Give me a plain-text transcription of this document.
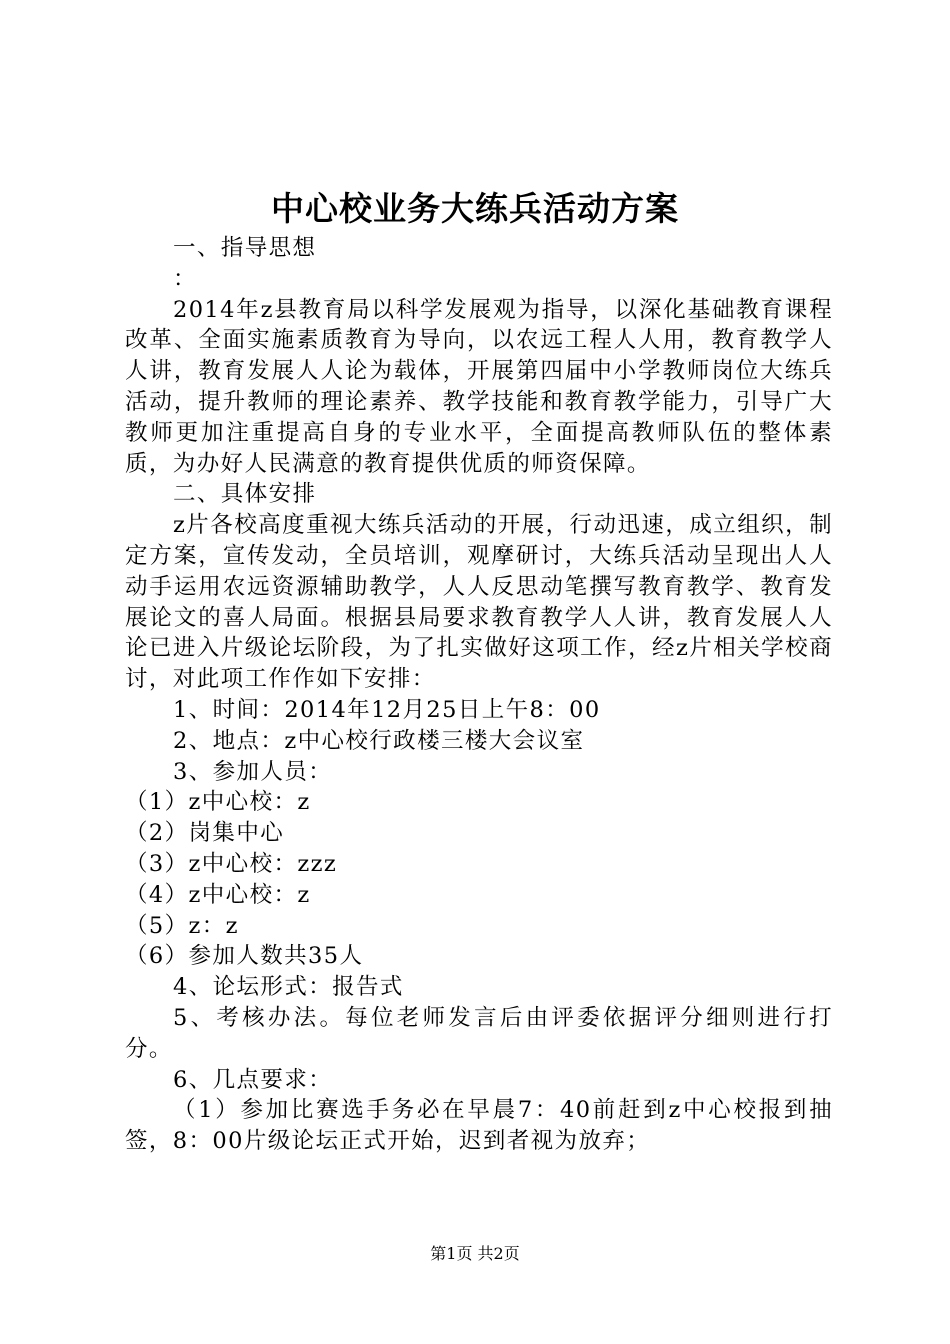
中心校业务大练兵活动方案

一、指导思想

：

2014年z县教育局以科学发展观为指导，以深化基础教育课程改革、全面实施素质教育为导向，以农远工程人人用，教育教学人人讲，教育发展人人论为载体，开展第四届中小学教师岗位大练兵活动，提升教师的理论素养、教学技能和教育教学能力，引导广大教师更加注重提高自身的专业水平，全面提高教师队伍的整体素质，为办好人民满意的教育提供优质的师资保障。

二、具体安排

z片各校高度重视大练兵活动的开展，行动迅速，成立组织，制定方案，宣传发动，全员培训，观摩研讨，大练兵活动呈现出人人动手运用农远资源辅助教学，人人反思动笔撰写教育教学、教育发展论文的喜人局面。根据县局要求教育教学人人讲，教育发展人人论已进入片级论坛阶段，为了扎实做好这项工作，经z片相关学校商讨，对此项工作作如下安排：

1、时间：2014年12月25日上午8：00

2、地点：z中心校行政楼三楼大会议室

3、参加人员：

（1）z中心校：z

（2）岗集中心

（3）z中心校：zzz

（4）z中心校：z

（5）z：z

（6）参加人数共35人

4、论坛形式：报告式

5、考核办法。每位老师发言后由评委依据评分细则进行打分。

6、几点要求：

（1）参加比赛选手务必在早晨7：40前赶到z中心校报到抽签，8：00片级论坛正式开始，迟到者视为放弃；

第1页 共2页
